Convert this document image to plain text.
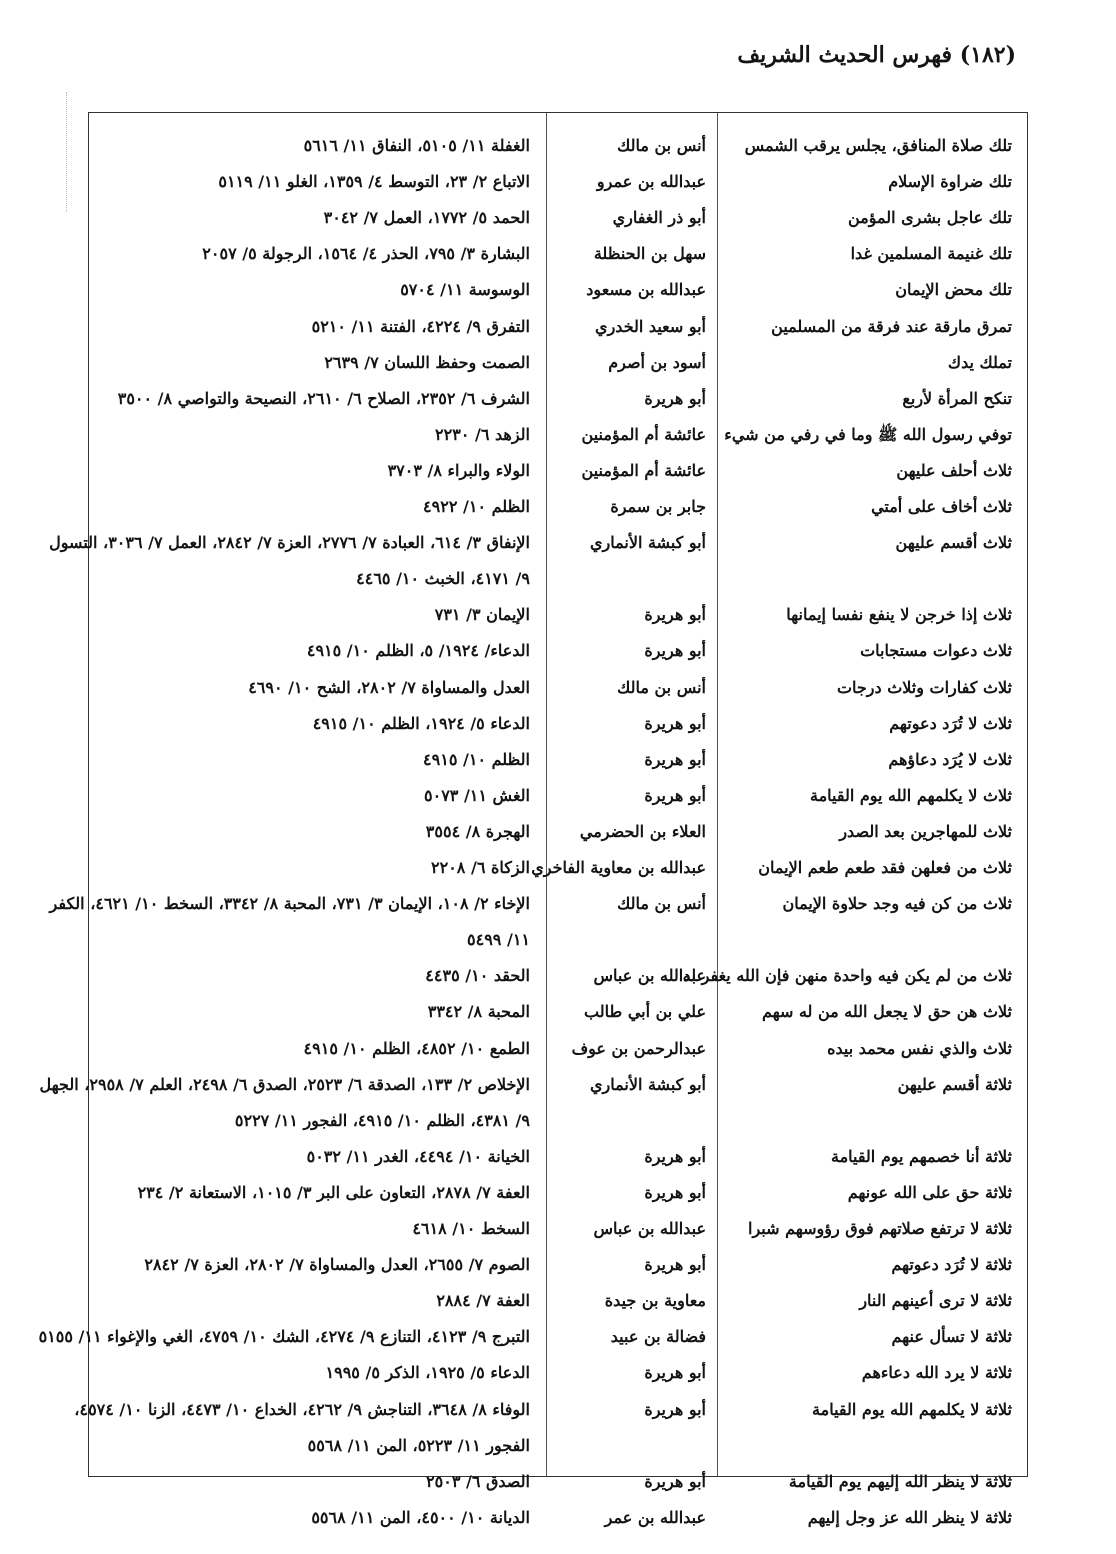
(١٨٢) فهرس الحديث الشريف
تلك صلاة المنافق، يجلس يرقب الشمس
أنس بن مالك
الغفلة ١١/ ٥١٠٥، النفاق ١١/ ٥٦١٦
تلك ضراوة الإسلام
عبدالله بن عمرو
الاتباع ٢/ ٢٣، التوسط ٤/ ١٣٥٩، الغلو ١١/ ٥١١٩
تلك عاجل بشرى المؤمن
أبو ذر الغفاري
الحمد ٥/ ١٧٧٢، العمل ٧/ ٣٠٤٢
تلك غنيمة المسلمين غدا
سهل بن الحنظلة
البشارة ٣/ ٧٩٥، الحذر ٤/ ١٥٦٤، الرجولة ٥/ ٢٠٥٧
تلك محض الإيمان
عبدالله بن مسعود
الوسوسة ١١/ ٥٧٠٤
تمرق مارقة عند فرقة من المسلمين
أبو سعيد الخدري
التفرق ٩/ ٤٢٢٤، الفتنة ١١/ ٥٢١٠
تملك يدك
أسود بن أصرم
الصمت وحفظ اللسان ٧/ ٢٦٣٩
تنكح المرأة لأربع
أبو هريرة
الشرف ٦/ ٢٣٥٢، الصلاح ٦/ ٢٦١٠، النصيحة والتواصي ٨/ ٣٥٠٠
توفي رسول الله ﷺ وما في رفي من شيء
عائشة أم المؤمنين
الزهد ٦/ ٢٢٣٠
ثلاث أحلف عليهن
عائشة أم المؤمنين
الولاء والبراء ٨/ ٣٧٠٣
ثلاث أخاف على أمتي
جابر بن سمرة
الظلم ١٠/ ٤٩٢٢
ثلاث أقسم عليهن
أبو كبشة الأنماري
الإنفاق ٣/ ٦١٤، العبادة ٧/ ٢٧٧٦، العزة ٧/ ٢٨٤٢، العمل ٧/ ٣٠٣٦، التسول
٩/ ٤١٧١، الخبث ١٠/ ٤٤٦٥
ثلاث إذا خرجن لا ينفع نفسا إيمانها
أبو هريرة
الإيمان ٣/ ٧٣١
ثلاث دعوات مستجابات
أبو هريرة
الدعاء/ ١٩٢٤/ ٥، الظلم ١٠/ ٤٩١٥
ثلاث كفارات وثلاث درجات
أنس بن مالك
العدل والمساواة ٧/ ٢٨٠٢، الشح ١٠/ ٤٦٩٠
ثلاث لا تُرَد دعوتهم
أبو هريرة
الدعاء ٥/ ١٩٢٤، الظلم ١٠/ ٤٩١٥
ثلاث لا يُرَد دعاؤهم
أبو هريرة
الظلم ١٠/ ٤٩١٥
ثلاث لا يكلمهم الله يوم القيامة
أبو هريرة
الغش ١١/ ٥٠٧٣
ثلاث للمهاجرين بعد الصدر
العلاء بن الحضرمي
الهجرة ٨/ ٣٥٥٤
ثلاث من فعلهن فقد طعم طعم الإيمان
عبدالله بن معاوية الفاخري
الزكاة ٦/ ٢٢٠٨
ثلاث من كن فيه وجد حلاوة الإيمان
أنس بن مالك
الإخاء ٢/ ١٠٨، الإيمان ٣/ ٧٣١، المحبة ٨/ ٣٣٤٢، السخط ١٠/ ٤٦٢١، الكفر
١١/ ٥٤٩٩
ثلاث من لم يكن فيه واحدة منهن فإن الله يغفر له
عبدالله بن عباس
الحقد ١٠/ ٤٤٣٥
ثلاث هن حق لا يجعل الله من له سهم
علي بن أبي طالب
المحبة ٨/ ٣٣٤٢
ثلاث والذي نفس محمد بيده
عبدالرحمن بن عوف
الطمع ١٠/ ٤٨٥٢، الظلم ١٠/ ٤٩١٥
ثلاثة أقسم عليهن
أبو كبشة الأنماري
الإخلاص ٢/ ١٣٣، الصدقة ٦/ ٢٥٢٣، الصدق ٦/ ٢٤٩٨، العلم ٧/ ٢٩٥٨، الجهل
٩/ ٤٣٨١، الظلم ١٠/ ٤٩١٥، الفجور ١١/ ٥٢٢٧
ثلاثة أنا خصمهم يوم القيامة
أبو هريرة
الخيانة ١٠/ ٤٤٩٤، الغدر ١١/ ٥٠٣٢
ثلاثة حق على الله عونهم
أبو هريرة
العفة ٧/ ٢٨٧٨، التعاون على البر ٣/ ١٠١٥، الاستعانة ٢/ ٢٣٤
ثلاثة لا ترتفع صلاتهم فوق رؤوسهم شبرا
عبدالله بن عباس
السخط ١٠/ ٤٦١٨
ثلاثة لا تُرَد دعوتهم
أبو هريرة
الصوم ٧/ ٢٦٥٥، العدل والمساواة ٧/ ٢٨٠٢، العزة ٧/ ٢٨٤٢
ثلاثة لا ترى أعينهم النار
معاوية بن جيدة
العفة ٧/ ٢٨٨٤
ثلاثة لا تسأل عنهم
فضالة بن عبيد
التبرج ٩/ ٤١٢٣، التنازع ٩/ ٤٢٧٤، الشك ١٠/ ٤٧٥٩، الغي والإغواء ١١/ ٥١٥٥
ثلاثة لا يرد الله دعاءهم
أبو هريرة
الدعاء ٥/ ١٩٢٥، الذكر ٥/ ١٩٩٥
ثلاثة لا يكلمهم الله يوم القيامة
أبو هريرة
الوفاء ٨/ ٣٦٤٨، التناجش ٩/ ٤٢٦٢، الخداع ١٠/ ٤٤٧٣، الزنا ١٠/ ٤٥٧٤،
الفجور ١١/ ٥٢٢٣، المن ١١/ ٥٥٦٨
ثلاثة لا ينظر الله إليهم يوم القيامة
أبو هريرة
الصدق ٦/ ٢٥٠٣
ثلاثة لا ينظر الله عز وجل إليهم
عبدالله بن عمر
الديانة ١٠/ ٤٥٠٠، المن ١١/ ٥٥٦٨
